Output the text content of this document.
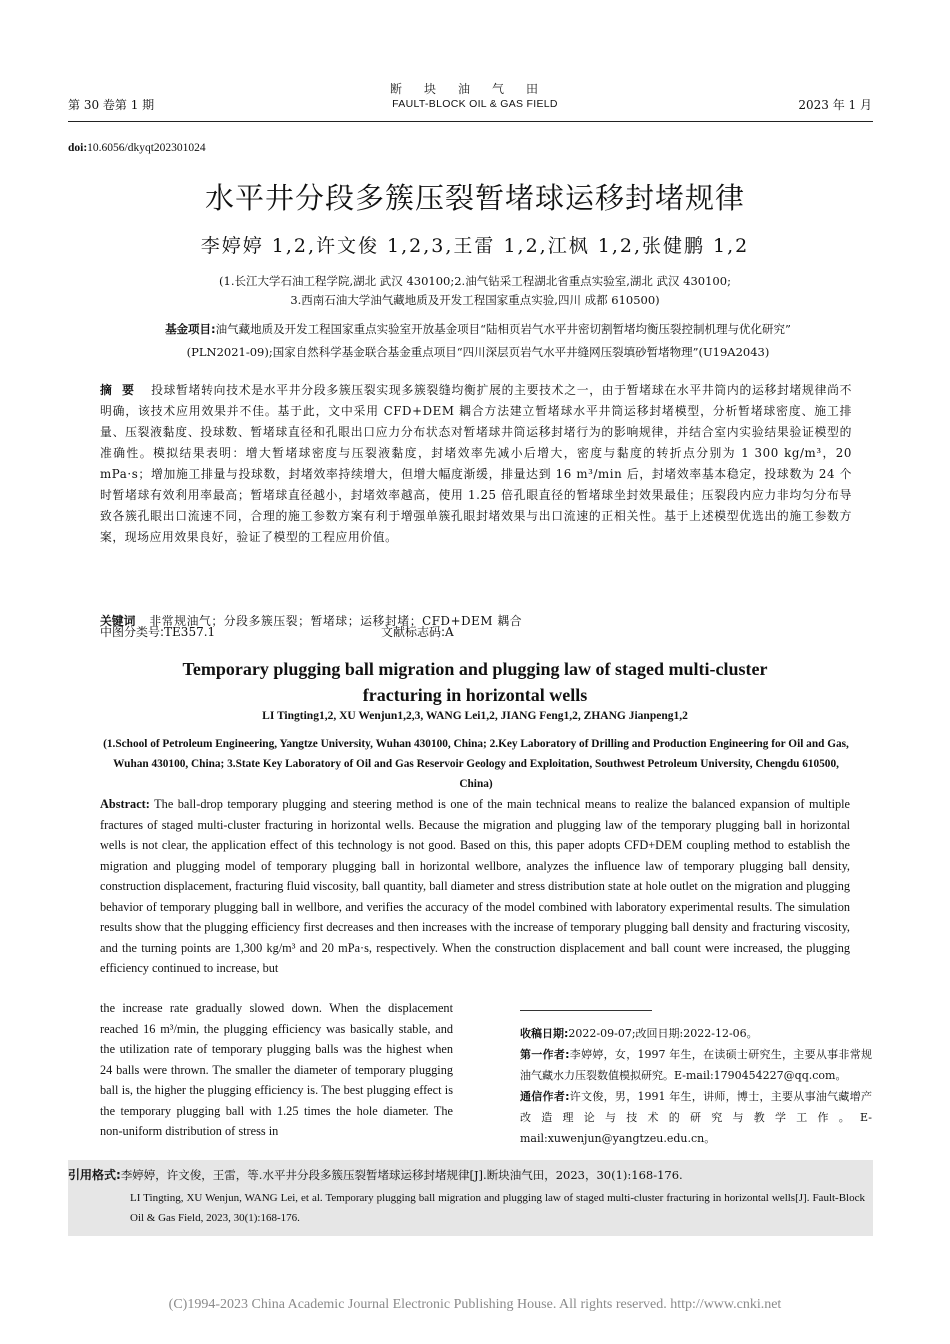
断块油气田
第 30 卷第 1 期	FAULT-BLOCK OIL & GAS FIELD	2023 年 1 月
doi:10.6056/dkyqt202301024
水平井分段多簇压裂暂堵球运移封堵规律
李婷婷 1,2,许文俊 1,2,3,王雷 1,2,江枫 1,2,张健鹏 1,2
(1.长江大学石油工程学院,湖北 武汉 430100;2.油气钻采工程湖北省重点实验室,湖北 武汉 430100;
3.西南石油大学油气藏地质及开发工程国家重点实验,四川 成都 610500)
基金项目:油气藏地质及开发工程国家重点实验室开放基金项目“陆相页岩气水平井密切割暂堵均衡压裂控制机理与优化研究”
(PLN2021-09);国家自然科学基金联合基金重点项目“四川深层页岩气水平井缝网压裂填砂暂堵物理”(U19A2043)
摘 要 投球暂堵转向技术是水平井分段多簇压裂实现多簇裂缝均衡扩展的主要技术之一，由于暂堵球在水平井筒内的运移封堵规律尚不明确，该技术应用效果并不佳。基于此，文中采用 CFD+DEM 耦合方法建立暂堵球水平井筒运移封堵模型，分析暂堵球密度、施工排量、压裂液黏度、投球数、暂堵球直径和孔眼出口应力分布状态对暂堵球井筒运移封堵行为的影响规律，并结合室内实验结果验证模型的准确性。模拟结果表明：增大暂堵球密度与压裂液黏度，封堵效率先减小后增大，密度与黏度的转折点分别为 1 300 kg/m³，20 mPa·s；增加施工排量与投球数，封堵效率持续增大，但增大幅度渐缓，排量达到 16 m³/min 后，封堵效率基本稳定，投球数为 24 个时暂堵球有效利用率最高；暂堵球直径越小，封堵效率越高，使用 1.25 倍孔眼直径的暂堵球坐封效果最佳；压裂段内应力非均匀分布导致各簇孔眼出口流速不同，合理的施工参数方案有利于增强单簇孔眼封堵效果与出口流速的正相关性。基于上述模型优选出的施工参数方案，现场应用效果良好，验证了模型的工程应用价值。
关键词 非常规油气；分段多簇压裂；暂堵球；运移封堵；CFD+DEM 耦合
中图分类号:TE357.1	文献标志码:A
Temporary plugging ball migration and plugging law of staged multi-cluster
fracturing in horizontal wells
LI Tingting1,2, XU Wenjun1,2,3, WANG Lei1,2, JIANG Feng1,2, ZHANG Jianpeng1,2
(1.School of Petroleum Engineering, Yangtze University, Wuhan 430100, China; 2.Key Laboratory of Drilling and Production Engineering for Oil and Gas, Wuhan 430100, China; 3.State Key Laboratory of Oil and Gas Reservoir Geology and Exploitation, Southwest Petroleum University, Chengdu 610500, China)
Abstract: The ball-drop temporary plugging and steering method is one of the main technical means to realize the balanced expansion of multiple fractures of staged multi-cluster fracturing in horizontal wells. Because the migration and plugging law of the temporary plugging ball in horizontal wells is not clear, the application effect of this technology is not good. Based on this, this paper adopts CFD+DEM coupling method to establish the migration and plugging model of temporary plugging ball in horizontal wellbore, analyzes the influence law of temporary plugging ball density, construction displacement, fracturing fluid viscosity, ball quantity, ball diameter and stress distribution state at hole outlet on the migration and plugging behavior of temporary plugging ball in wellbore, and verifies the accuracy of the model combined with laboratory experimental results. The simulation results show that the plugging efficiency first decreases and then increases with the increase of temporary plugging ball density and fracturing viscosity, and the turning points are 1,300 kg/m³ and 20 mPa·s, respectively. When the construction displacement and ball count were increased, the plugging efficiency continued to increase, but
the increase rate gradually slowed down. When the displacement reached 16 m³/min, the plugging efficiency was basically stable, and the utilization rate of temporary plugging balls was the highest when 24 balls were thrown. The smaller the diameter of temporary plugging ball is, the higher the plugging efficiency is. The best plugging effect is the temporary plugging ball with 1.25 times the hole diameter. The non-uniform distribution of stress in
收稿日期:2022-09-07;改回日期:2022-12-06。
第一作者:李婷婷，女，1997 年生，在读硕士研究生，主要从事非常规油气藏水力压裂数值模拟研究。E-mail:1790454227@qq.com。
通信作者:许文俊，男，1991 年生，讲师，博士，主要从事油气藏增产改造理论与技术的研究与教学工作。E-mail:xuwenjun@yangtzeu.edu.cn。
引用格式:李婷婷，许文俊，王雷，等.水平井分段多簇压裂暂堵球运移封堵规律[J].断块油气田，2023，30(1):168-176.
LI Tingting, XU Wenjun, WANG Lei, et al. Temporary plugging ball migration and plugging law of staged multi-cluster fracturing in horizontal wells[J]. Fault-Block Oil & Gas Field, 2023, 30(1):168-176.
(C)1994-2023 China Academic Journal Electronic Publishing House. All rights reserved. http://www.cnki.net
